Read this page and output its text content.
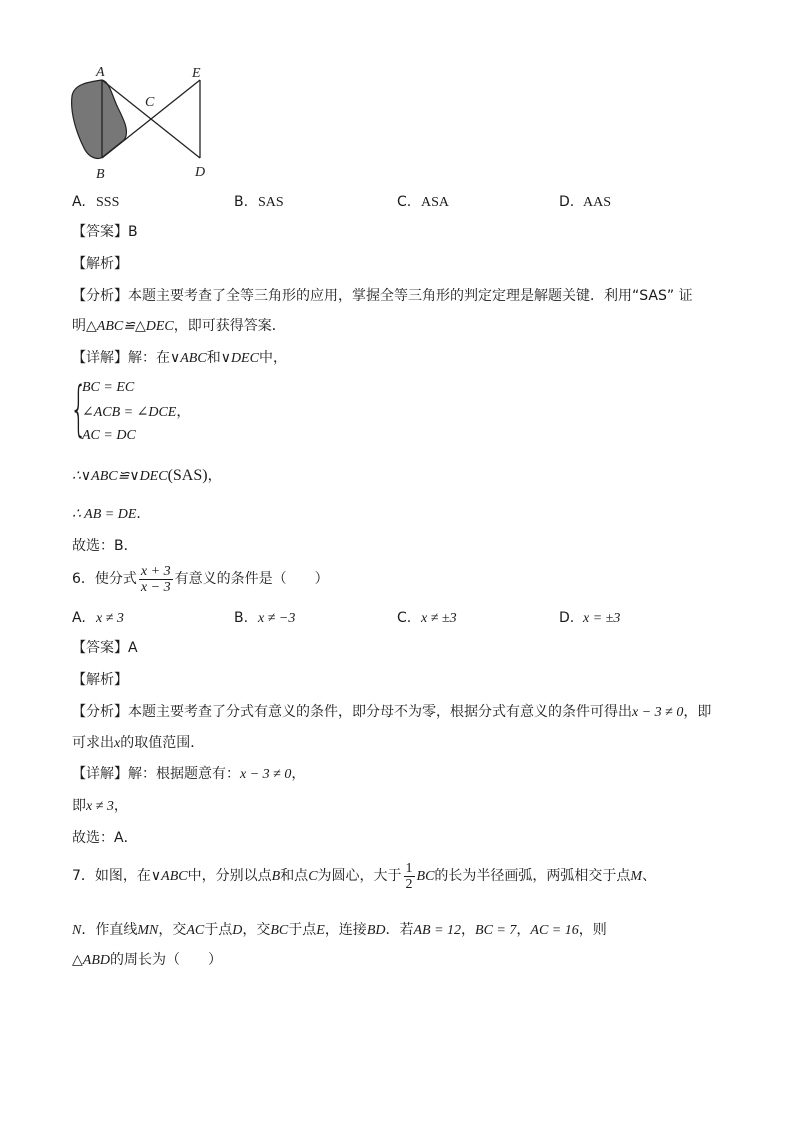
A	E
C
B	D
A. SSS	B. SAS	C. ASA	D. AAS
【答案】B
【解析】
【分析】本题主要考查了全等三角形的应用，掌握全等三角形的判定定理是解题关键．利用“SAS” 证
明△ABC≌△DEC，即可获得答案．
【详解】解：在∨ABC和∨DEC中，
{
BC = EC
∠ACB = ∠DCE，
AC = DC
∴∨ABC≌∨DEC(SAS)，
∴ AB = DE．
故选：B．
6．使分式 $\frac{x + 3}{x - 3}$ 有意义的条件是（　　）
A. x ≠ 3	B. x ≠ −3	C. x ≠ ±3	D. x = ±3
【答案】A
【解析】
【分析】本题主要考查了分式有意义的条件，即分母不为零，根据分式有意义的条件可得出x − 3 ≠ 0，即
可求出x的取值范围．
【详解】解：根据题意有：x − 3 ≠ 0，
即x ≠ 3，
故选：A．
7．如图，在∨ABC中，分别以点B和点C为圆心，大于 $\frac{1}{2}$ BC的长为半径画弧，两弧相交于点M、
N．作直线MN，交AC于点D，交BC于点E，连接BD．若AB = 12，BC = 7，AC = 16，则
△ABD的周长为（　　）
